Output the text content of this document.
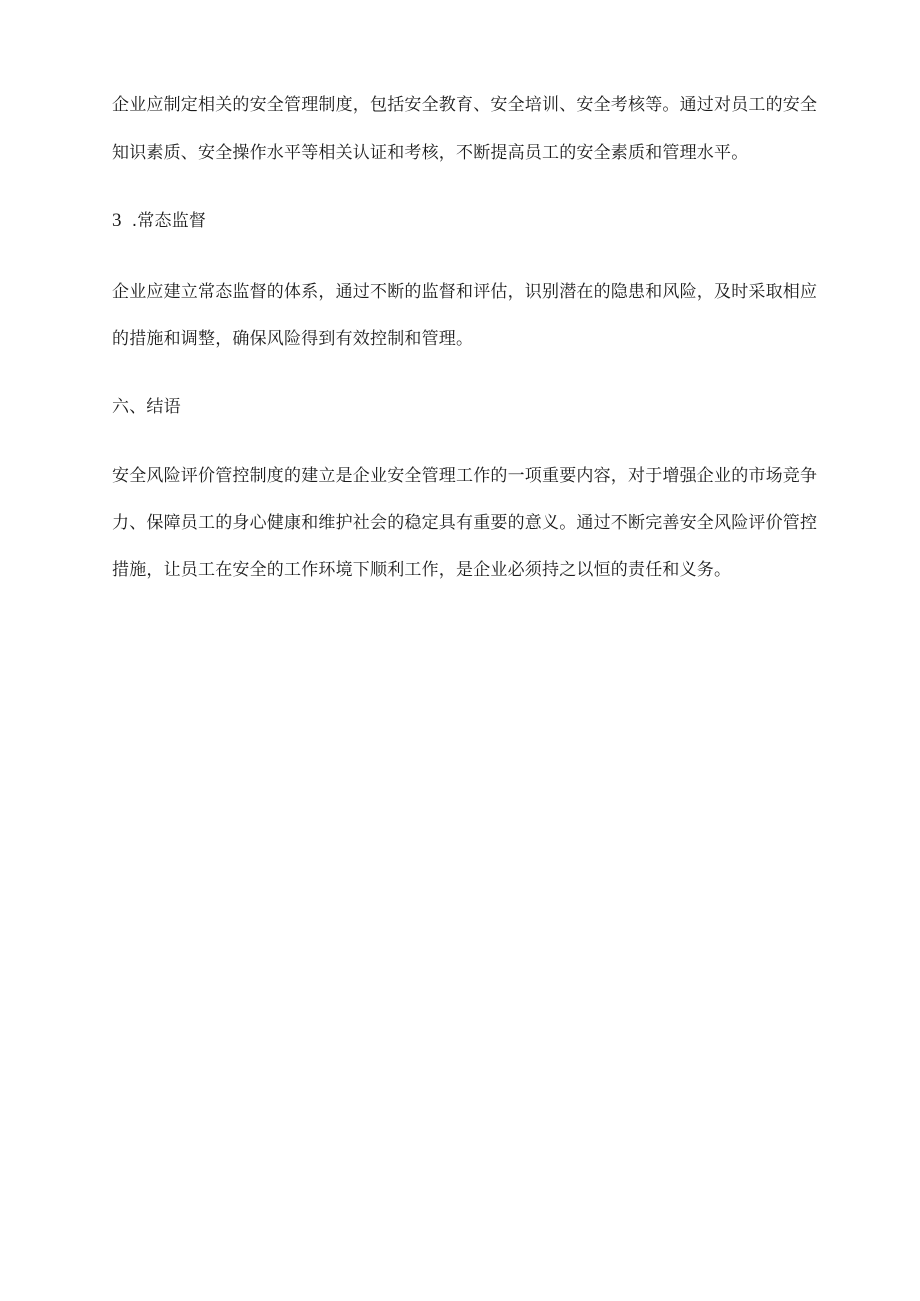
企业应制定相关的安全管理制度，包括安全教育、安全培训、安全考核等。通过对员工的安全
知识素质、安全操作水平等相关认证和考核，不断提高员工的安全素质和管理水平。
3 .常态监督
企业应建立常态监督的体系，通过不断的监督和评估，识别潜在的隐患和风险，及时采取相应
的措施和调整，确保风险得到有效控制和管理。
六、结语
安全风险评价管控制度的建立是企业安全管理工作的一项重要内容，对于增强企业的市场竞争
力、保障员工的身心健康和维护社会的稳定具有重要的意义。通过不断完善安全风险评价管控
措施，让员工在安全的工作环境下顺利工作，是企业必须持之以恒的责任和义务。
